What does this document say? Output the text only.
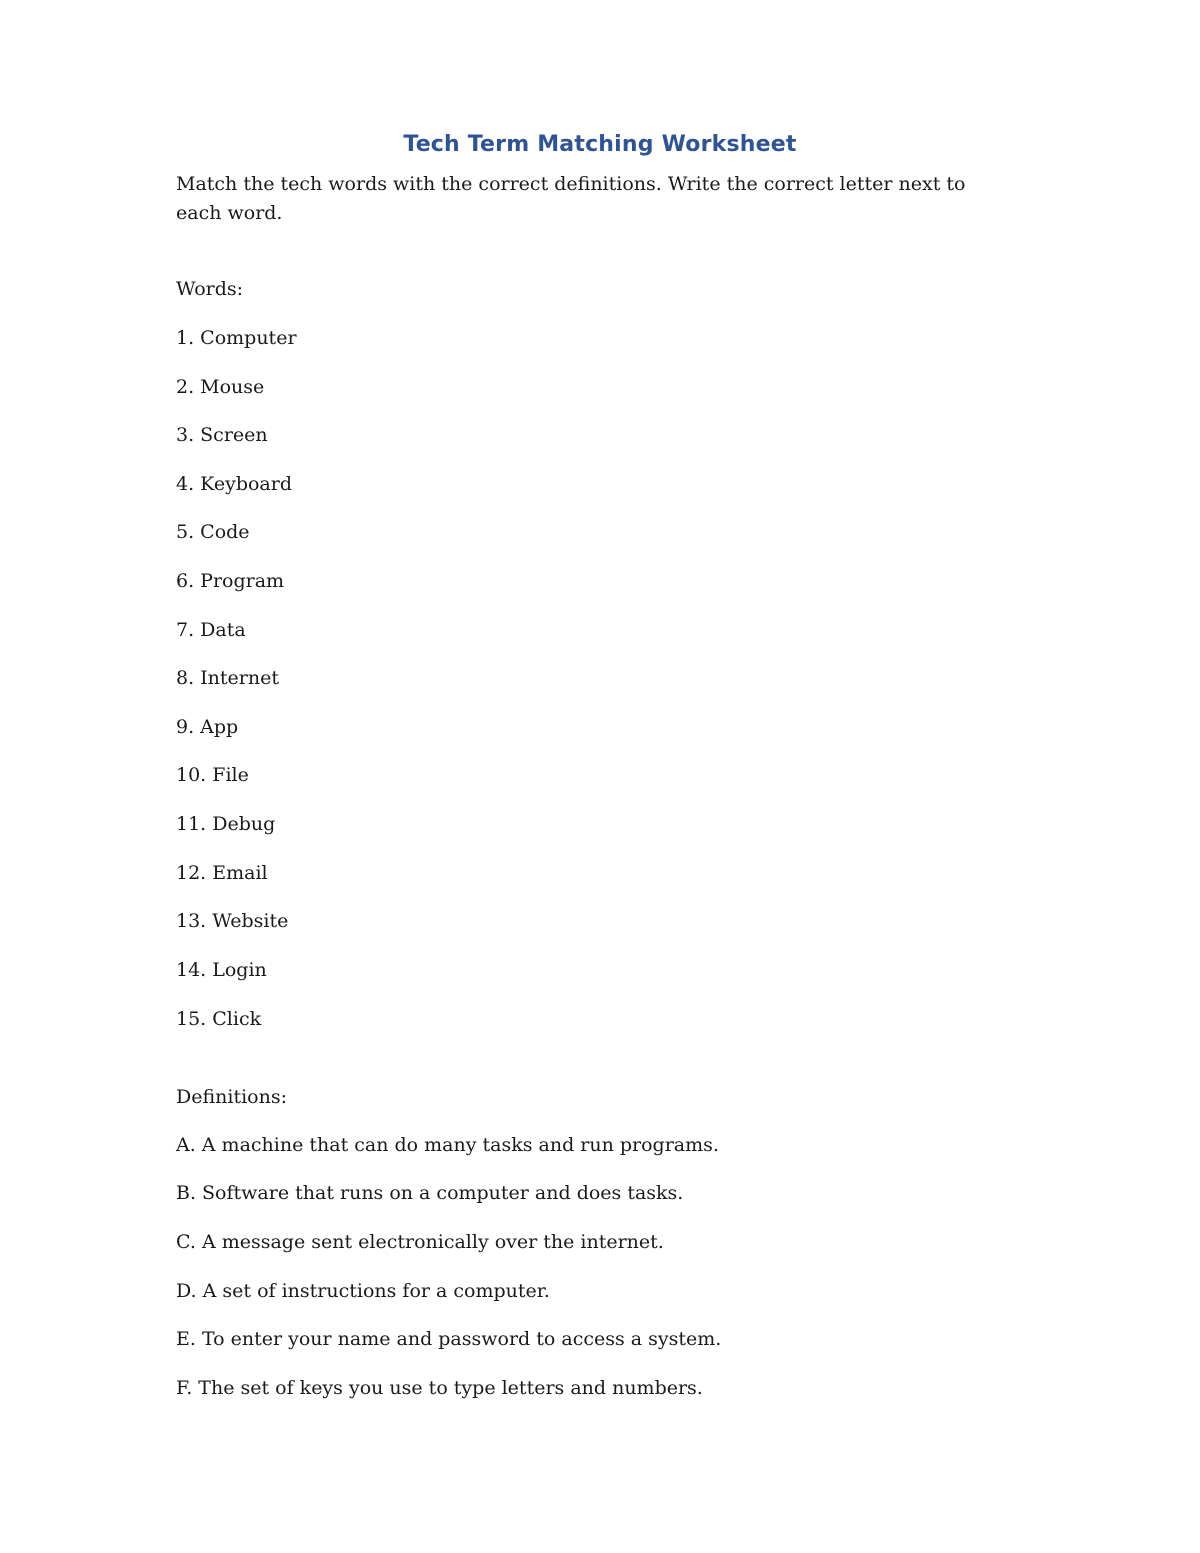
Tech Term Matching Worksheet

Match the tech words with the correct definitions. Write the correct letter next to each word.

Words:

1. Computer

2. Mouse

3. Screen

4. Keyboard

5. Code

6. Program

7. Data

8. Internet

9. App

10. File

11. Debug

12. Email

13. Website

14. Login

15. Click

Definitions:

A. A machine that can do many tasks and run programs.

B. Software that runs on a computer and does tasks.

C. A message sent electronically over the internet.

D. A set of instructions for a computer.

E. To enter your name and password to access a system.

F. The set of keys you use to type letters and numbers.
